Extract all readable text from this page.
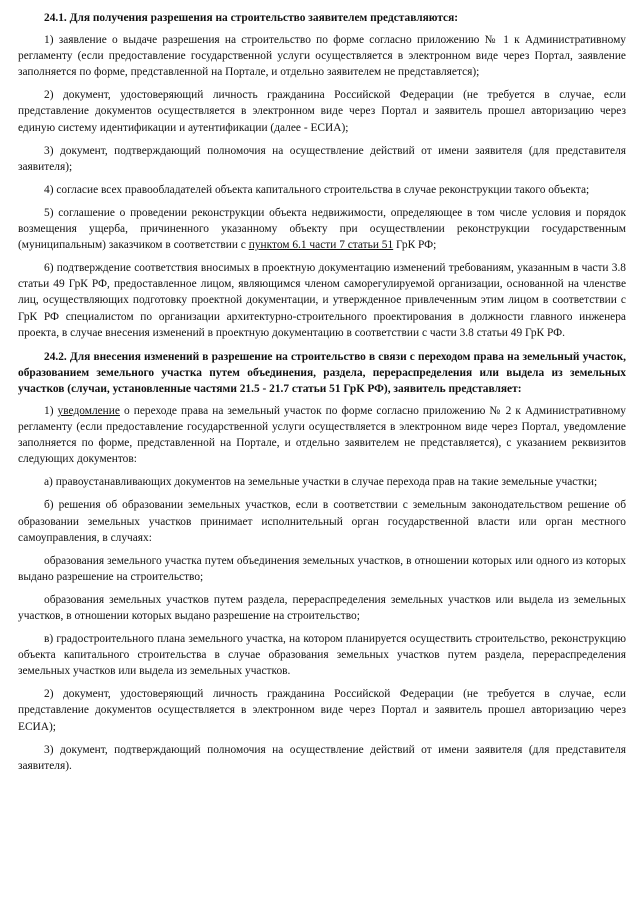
24.1. Для получения разрешения на строительство заявителем представляются:

1) заявление о выдаче разрешения на строительство по форме согласно приложению № 1 к Административному регламенту (если предоставление государственной услуги осуществляется в электронном виде через Портал, заявление заполняется по форме, представленной на Портале, и отдельно заявителем не представляется);

2) документ, удостоверяющий личность гражданина Российской Федерации (не требуется в случае, если представление документов осуществляется в электронном виде через Портал и заявитель прошел авторизацию через единую систему идентификации и аутентификации (далее - ЕСИА);

3) документ, подтверждающий полномочия на осуществление действий от имени заявителя (для представителя заявителя);

4) согласие всех правообладателей объекта капитального строительства в случае реконструкции такого объекта;

5) соглашение о проведении реконструкции объекта недвижимости, определяющее в том числе условия и порядок возмещения ущерба, причиненного указанному объекту при осуществлении реконструкции государственным (муниципальным) заказчиком в соответствии с пунктом 6.1 части 7 статьи 51 ГрК РФ;

6) подтверждение соответствия вносимых в проектную документацию изменений требованиям, указанным в части 3.8 статьи 49 ГрК РФ, предоставленное лицом, являющимся членом саморегулируемой организации, основанной на членстве лиц, осуществляющих подготовку проектной документации, и утвержденное привлеченным этим лицом в соответствии с ГрК РФ специалистом по организации архитектурно-строительного проектирования в должности главного инженера проекта, в случае внесения изменений в проектную документацию в соответствии с части 3.8 статьи 49 ГрК РФ.

24.2. Для внесения изменений в разрешение на строительство в связи с переходом права на земельный участок, образованием земельного участка путем объединения, раздела, перераспределения или выдела из земельных участков (случаи, установленные частями 21.5 - 21.7 статьи 51 ГрК РФ), заявитель представляет:

1) уведомление о переходе права на земельный участок по форме согласно приложению № 2 к Административному регламенту (если предоставление государственной услуги осуществляется в электронном виде через Портал, уведомление заполняется по форме, представленной на Портале, и отдельно заявителем не представляется), с указанием реквизитов следующих документов:

а) правоустанавливающих документов на земельные участки в случае перехода прав на такие земельные участки;

б) решения об образовании земельных участков, если в соответствии с земельным законодательством решение об образовании земельных участков принимает исполнительный орган государственной власти или орган местного самоуправления, в случаях:

образования земельного участка путем объединения земельных участков, в отношении которых или одного из которых выдано разрешение на строительство;

образования земельных участков путем раздела, перераспределения земельных участков или выдела из земельных участков, в отношении которых выдано разрешение на строительство;

в) градостроительного плана земельного участка, на котором планируется осуществить строительство, реконструкцию объекта капитального строительства в случае образования земельных участков путем раздела, перераспределения земельных участков или выдела из земельных участков.

2) документ, удостоверяющий личность гражданина Российской Федерации (не требуется в случае, если представление документов осуществляется в электронном виде через Портал и заявитель прошел авторизацию через ЕСИА);

3) документ, подтверждающий полномочия на осуществление действий от имени заявителя (для представителя заявителя).
